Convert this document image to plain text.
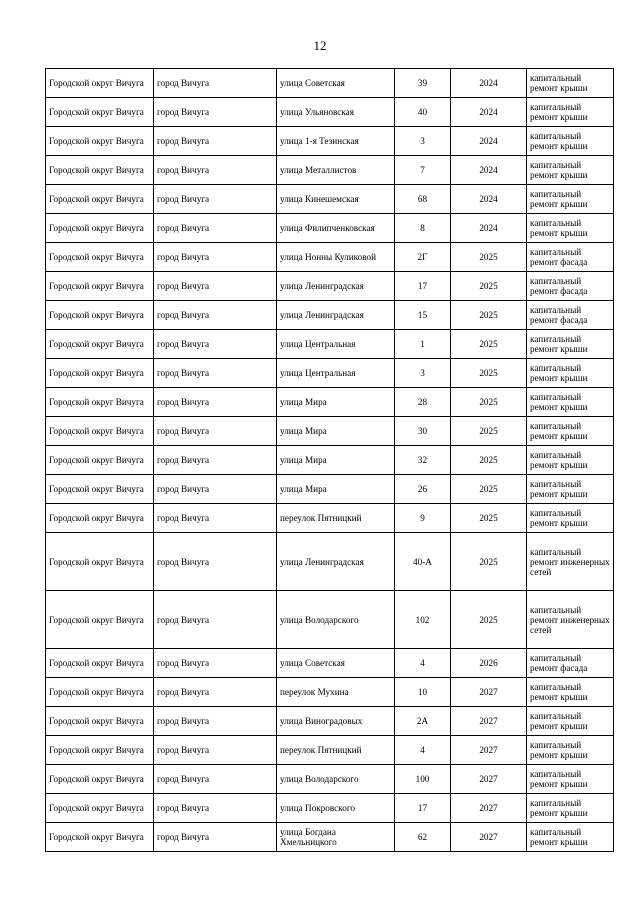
12
Городской округ Вичуга	город Вичуга	улица Советская	39	2024	капитальный ремонт крыши
Городской округ Вичуга	город Вичуга	улица Ульяновская	40	2024	капитальный ремонт крыши
Городской округ Вичуга	город Вичуга	улица 1-я Тезинская	3	2024	капитальный ремонт крыши
Городской округ Вичуга	город Вичуга	улица Металлистов	7	2024	капитальный ремонт крыши
Городской округ Вичуга	город Вичуга	улица Кинешемская	68	2024	капитальный ремонт крыши
Городской округ Вичуга	город Вичуга	улица Филипченковская	8	2024	капитальный ремонт крыши
Городской округ Вичуга	город Вичуга	улица Нонны Куликовой	2Г	2025	капитальный ремонт фасада
Городской округ Вичуга	город Вичуга	улица Ленинградская	17	2025	капитальный ремонт фасада
Городской округ Вичуга	город Вичуга	улица Ленинградская	15	2025	капитальный ремонт фасада
Городской округ Вичуга	город Вичуга	улица Центральная	1	2025	капитальный ремонт крыши
Городской округ Вичуга	город Вичуга	улица Центральная	3	2025	капитальный ремонт крыши
Городской округ Вичуга	город Вичуга	улица Мира	28	2025	капитальный ремонт крыши
Городской округ Вичуга	город Вичуга	улица Мира	30	2025	капитальный ремонт крыши
Городской округ Вичуга	город Вичуга	улица Мира	32	2025	капитальный ремонт крыши
Городской округ Вичуга	город Вичуга	улица Мира	26	2025	капитальный ремонт крыши
Городской округ Вичуга	город Вичуга	переулок Пятницкий	9	2025	капитальный ремонт крыши
Городской округ Вичуга	город Вичуга	улица Ленинградская	40-А	2025	капитальный ремонт инженерных сетей
Городской округ Вичуга	город Вичуга	улица Володарского	102	2025	капитальный ремонт инженерных сетей
Городской округ Вичуга	город Вичуга	улица Советская	4	2026	капитальный ремонт фасада
Городской округ Вичуга	город Вичуга	переулок Мухина	10	2027	капитальный ремонт крыши
Городской округ Вичуга	город Вичуга	улица Виноградовых	2А	2027	капитальный ремонт крыши
Городской округ Вичуга	город Вичуга	переулок Пятницкий	4	2027	капитальный ремонт крыши
Городской округ Вичуга	город Вичуга	улица Володарского	100	2027	капитальный ремонт крыши
Городской округ Вичуга	город Вичуга	улица Покровского	17	2027	капитальный ремонт крыши
Городской округ Вичуга	город Вичуга	улица Богдана Хмельницкого	62	2027	капитальный ремонт крыши
